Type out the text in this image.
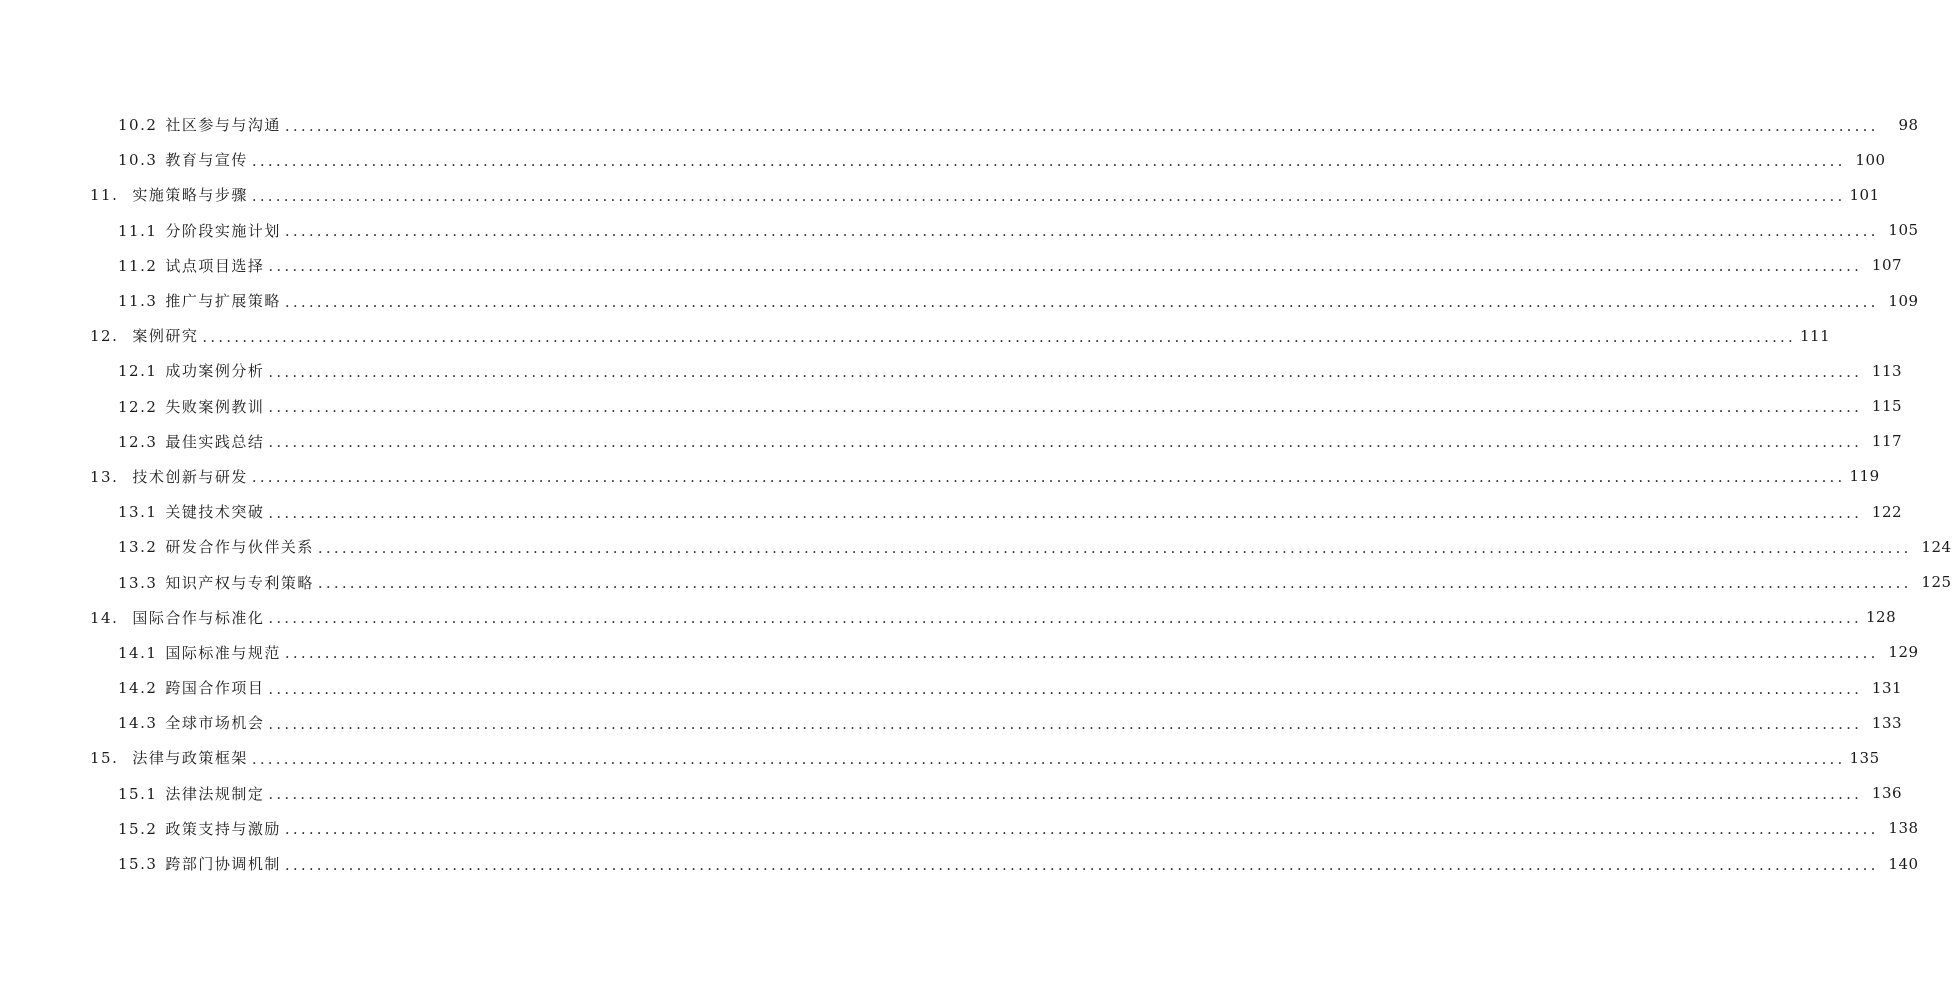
10.2 社区参与与沟通 ........................................................................................................................................................................................................	98
10.3 教育与宣传 ........................................................................................................................................................................................................ 100
11. 实施策略与步骤 ........................................................................................................................................................................................................ 101
11.1 分阶段实施计划 ........................................................................................................................................................................................................ 105
11.2 试点项目选择 ........................................................................................................................................................................................................ 107
11.3 推广与扩展策略 ........................................................................................................................................................................................................ 109
12. 案例研究 ........................................................................................................................................................................................................ 111
12.1 成功案例分析 ........................................................................................................................................................................................................ 113
12.2 失败案例教训 ........................................................................................................................................................................................................ 115
12.3 最佳实践总结 ........................................................................................................................................................................................................ 117
13. 技术创新与研发 ........................................................................................................................................................................................................ 119
13.1 关键技术突破 ........................................................................................................................................................................................................ 122
13.2 研发合作与伙伴关系 ........................................................................................................................................................................................................ 124
13.3 知识产权与专利策略 ........................................................................................................................................................................................................ 125
14. 国际合作与标准化 ........................................................................................................................................................................................................ 128
14.1 国际标准与规范 ........................................................................................................................................................................................................ 129
14.2 跨国合作项目 ........................................................................................................................................................................................................ 131
14.3 全球市场机会 ........................................................................................................................................................................................................ 133
15. 法律与政策框架 ........................................................................................................................................................................................................ 135
15.1 法律法规制定 ........................................................................................................................................................................................................ 136
15.2 政策支持与激励 ........................................................................................................................................................................................................ 138
15.3 跨部门协调机制 ........................................................................................................................................................................................................ 140
